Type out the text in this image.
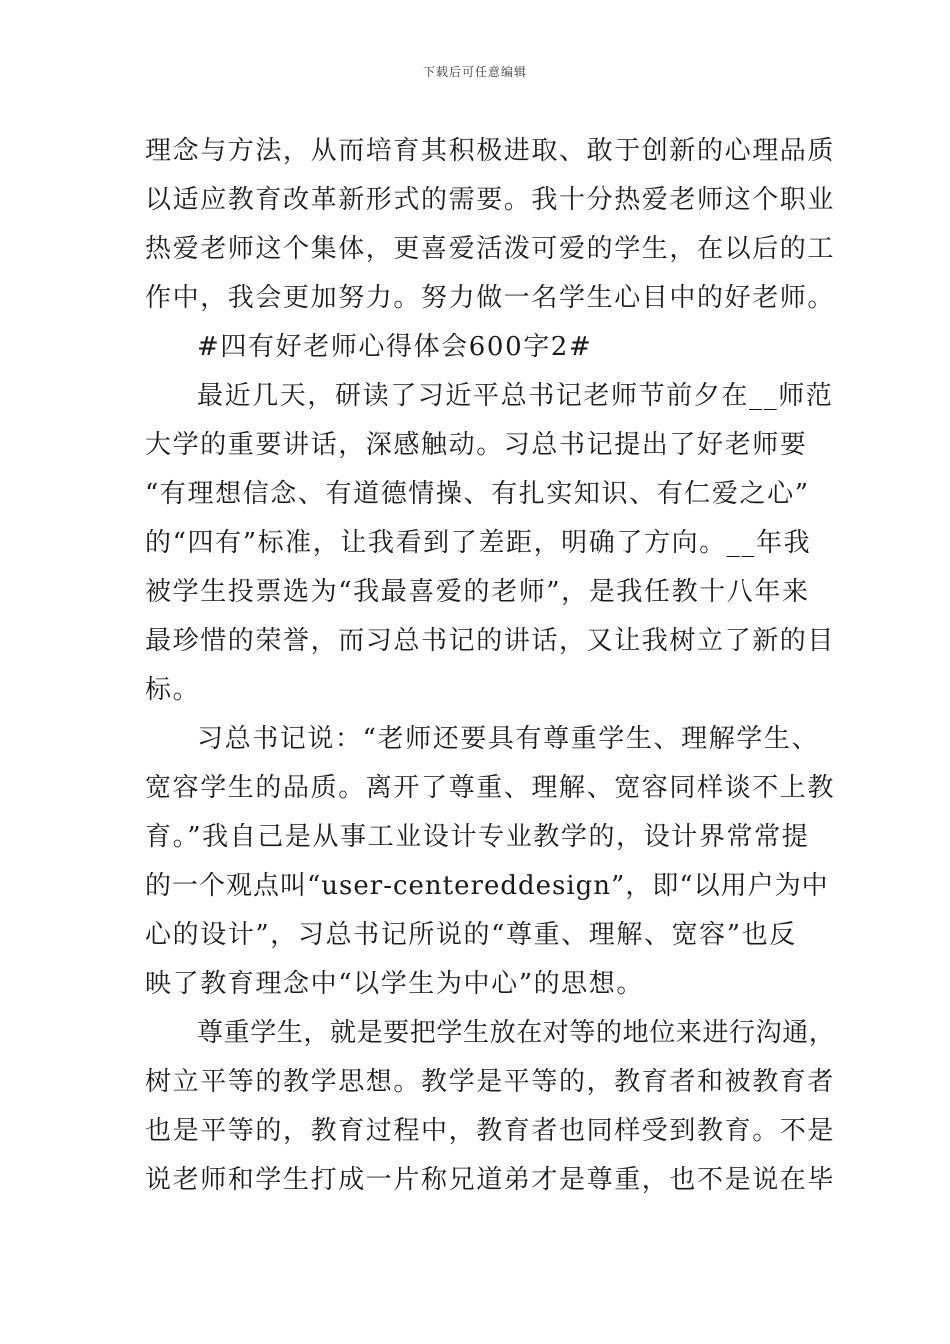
下载后可任意编辑
理念与方法，从而培育其积极进取、敢于创新的心理品质
以适应教育改革新形式的需要。我十分热爱老师这个职业
热爱老师这个集体，更喜爱活泼可爱的学生，在以后的工
作中，我会更加努力。努力做一名学生心目中的好老师。
#四有好老师心得体会600字2#
最近几天，研读了习近平总书记老师节前夕在__师范
大学的重要讲话，深感触动。习总书记提出了好老师要
“有理想信念、有道德情操、有扎实知识、有仁爱之心”
的“四有”标准，让我看到了差距，明确了方向。__年我
被学生投票选为“我最喜爱的老师”，是我任教十八年来
最珍惜的荣誉，而习总书记的讲话，又让我树立了新的目
标。
习总书记说：“老师还要具有尊重学生、理解学生、
宽容学生的品质。离开了尊重、理解、宽容同样谈不上教
育。”我自己是从事工业设计专业教学的，设计界常常提
的一个观点叫“user-centereddesign”，即“以用户为中
心的设计”，习总书记所说的“尊重、理解、宽容”也反
映了教育理念中“以学生为中心”的思想。
尊重学生，就是要把学生放在对等的地位来进行沟通，
树立平等的教学思想。教学是平等的，教育者和被教育者
也是平等的，教育过程中，教育者也同样受到教育。不是
说老师和学生打成一片称兄道弟才是尊重，也不是说在毕
